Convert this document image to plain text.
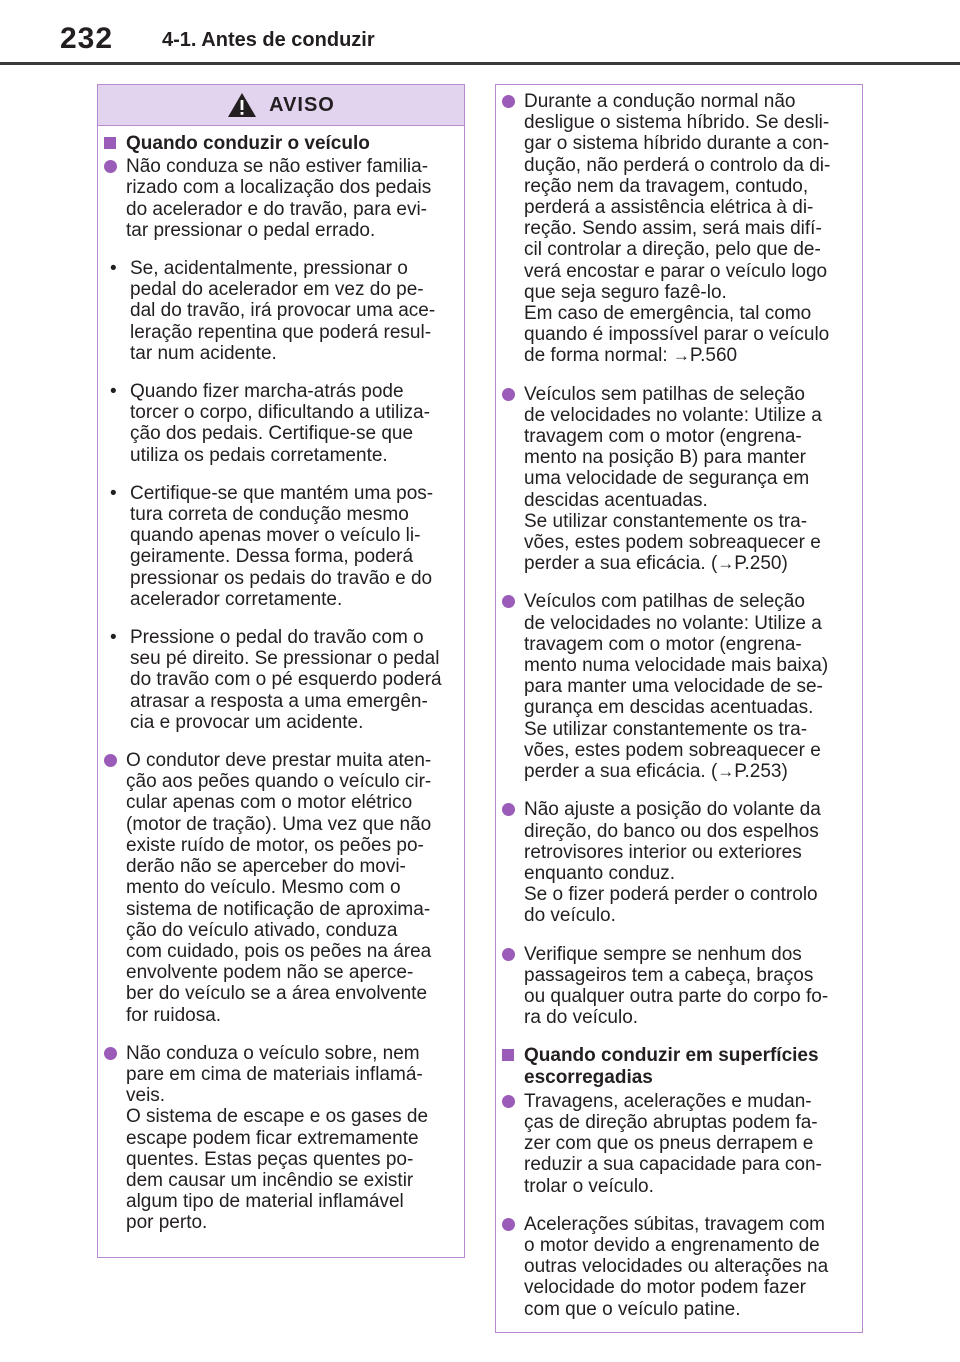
232 4-1. Antes de conduzir
AVISO
Quando conduzir o veículo
Não conduza se não estiver familia-
rizado com a localização dos pedais
do acelerador e do travão, para evi-
tar pressionar o pedal errado.
• Se, acidentalmente, pressionar o
pedal do acelerador em vez do pe-
dal do travão, irá provocar uma ace-
leração repentina que poderá resul-
tar num acidente.
• Quando fizer marcha-atrás pode
torcer o corpo, dificultando a utiliza-
ção dos pedais. Certifique-se que
utiliza os pedais corretamente.
• Certifique-se que mantém uma pos-
tura correta de condução mesmo
quando apenas mover o veículo li-
geiramente. Dessa forma, poderá
pressionar os pedais do travão e do
acelerador corretamente.
• Pressione o pedal do travão com o
seu pé direito. Se pressionar o pedal
do travão com o pé esquerdo poderá
atrasar a resposta a uma emergên-
cia e provocar um acidente.
O condutor deve prestar muita aten-
ção aos peões quando o veículo cir-
cular apenas com o motor elétrico
(motor de tração). Uma vez que não
existe ruído de motor, os peões po-
derão não se aperceber do movi-
mento do veículo. Mesmo com o
sistema de notificação de aproxima-
ção do veículo ativado, conduza
com cuidado, pois os peões na área
envolvente podem não se aperce-
ber do veículo se a área envolvente
for ruidosa.
Não conduza o veículo sobre, nem
pare em cima de materiais inflamá-
veis.
O sistema de escape e os gases de
escape podem ficar extremamente
quentes. Estas peças quentes po-
dem causar um incêndio se existir
algum tipo de material inflamável
por perto.
Durante a condução normal não
desligue o sistema híbrido. Se desli-
gar o sistema híbrido durante a con-
dução, não perderá o controlo da di-
reção nem da travagem, contudo,
perderá a assistência elétrica à di-
reção. Sendo assim, será mais difí-
cil controlar a direção, pelo que de-
verá encostar e parar o veículo logo
que seja seguro fazê-lo.
Em caso de emergência, tal como
quando é impossível parar o veículo
de forma normal: →P.560
Veículos sem patilhas de seleção
de velocidades no volante: Utilize a
travagem com o motor (engrena-
mento na posição B) para manter
uma velocidade de segurança em
descidas acentuadas.
Se utilizar constantemente os tra-
vões, estes podem sobreaquecer e
perder a sua eficácia. (→P.250)
Veículos com patilhas de seleção
de velocidades no volante: Utilize a
travagem com o motor (engrena-
mento numa velocidade mais baixa)
para manter uma velocidade de se-
gurança em descidas acentuadas.
Se utilizar constantemente os tra-
vões, estes podem sobreaquecer e
perder a sua eficácia. (→P.253)
Não ajuste a posição do volante da
direção, do banco ou dos espelhos
retrovisores interior ou exteriores
enquanto conduz.
Se o fizer poderá perder o controlo
do veículo.
Verifique sempre se nenhum dos
passageiros tem a cabeça, braços
ou qualquer outra parte do corpo fo-
ra do veículo.
Quando conduzir em superfícies
escorregadias
Travagens, acelerações e mudan-
ças de direção abruptas podem fa-
zer com que os pneus derrapem e
reduzir a sua capacidade para con-
trolar o veículo.
Acelerações súbitas, travagem com
o motor devido a engrenamento de
outras velocidades ou alterações na
velocidade do motor podem fazer
com que o veículo patine.
